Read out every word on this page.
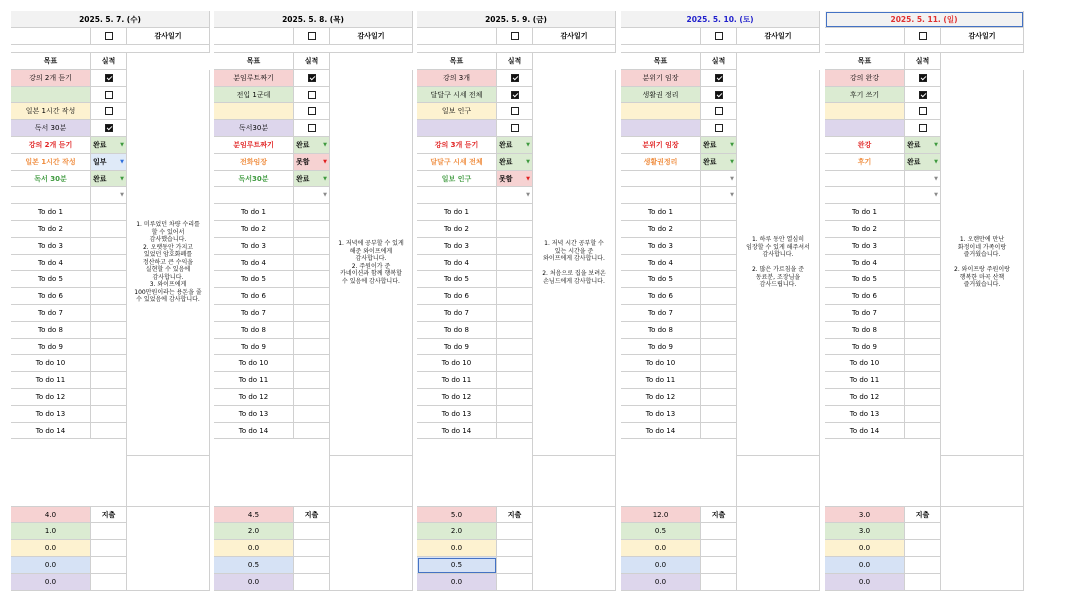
2025. 5. 7. (수)
감사일기
목표	실적
강의 2개 듣기
일본 1시간 작성
독서 30분
강의 2개 듣기	완료	▼
일본 1시간 작성	일부	▼
독서 30분	완료	▼
▼
1. 미루었던 차량 수리를
할 수 있어서
감사했습니다.
2. 오랫동안 가지고
있었던 암호화폐를
정산하고 큰 수익을
실현할 수 있음에
감사합니다.
3. 와이프에게
100만원이라는 용돈을 줄
수 있었음에 감사합니다.
To do 1
To do 2
To do 3
To do 4
To do 5
To do 6
To do 7
To do 8
To do 9
To do 10
To do 11
To do 12
To do 13
To do 14
4.0	지출
1.0
0.0
0.0
0.0
2025. 5. 8. (목)
감사일기
목표	실적
분임루트짜기
전입 1군데
독서30분
분임루트짜기	완료	▼
전화임장	못함	▼
독서30분	완료	▼
▼
1. 저녁에 공부할 수 있게
해준 와이프에게
감사합니다.
2. 주원이가 준
카네이션과 함께 행복할
수 있음에 감사합니다.
To do 1
To do 2
To do 3
To do 4
To do 5
To do 6
To do 7
To do 8
To do 9
To do 10
To do 11
To do 12
To do 13
To do 14
4.5	지출
2.0
0.0
0.5
0.0
2025. 5. 9. (금)
감사일기
목표	실적
강의 3개
달달구 시세 전체
일보 인구
강의 3개 듣기	완료	▼
달달구 시세 전체	완료	▼
일보 인구	못함	▼
▼
1. 저녁 시간 공부할 수
있는 시간을 준
와이프에게 감사합니다.

2. 처음으로 집을 보려온
손님드에게 감사합니다.
To do 1
To do 2
To do 3
To do 4
To do 5
To do 6
To do 7
To do 8
To do 9
To do 10
To do 11
To do 12
To do 13
To do 14
5.0	지출
2.0
0.0
0.5
0.0
2025. 5. 10. (토)
감사일기
목표	실적
분위기 임장
생활권 정리
분위기 임장	완료	▼
생활권정리	완료	▼
▼
▼
1. 하루 동안 열심히
임장할 수 있게 해주셔서
감사합니다.

2. 많은 가르침을 준
동료분, 조장님을
감사드립니다.
To do 1
To do 2
To do 3
To do 4
To do 5
To do 6
To do 7
To do 8
To do 9
To do 10
To do 11
To do 12
To do 13
To do 14
12.0	지출
0.5
0.0
0.0
0.0
2025. 5. 11. (일)
감사일기
목표	실적
강의 완강
후기 쓰기
완강	완료	▼
후기	완료	▼
▼
▼
1. 오랜만에 만난
화정이네 가족이랑
즐거웠습니다.

2. 와이프랑 주원이랑
행복한 마곡 산책
즐거웠습니다.
To do 1
To do 2
To do 3
To do 4
To do 5
To do 6
To do 7
To do 8
To do 9
To do 10
To do 11
To do 12
To do 13
To do 14
3.0	지출
3.0
0.0
0.0
0.0
